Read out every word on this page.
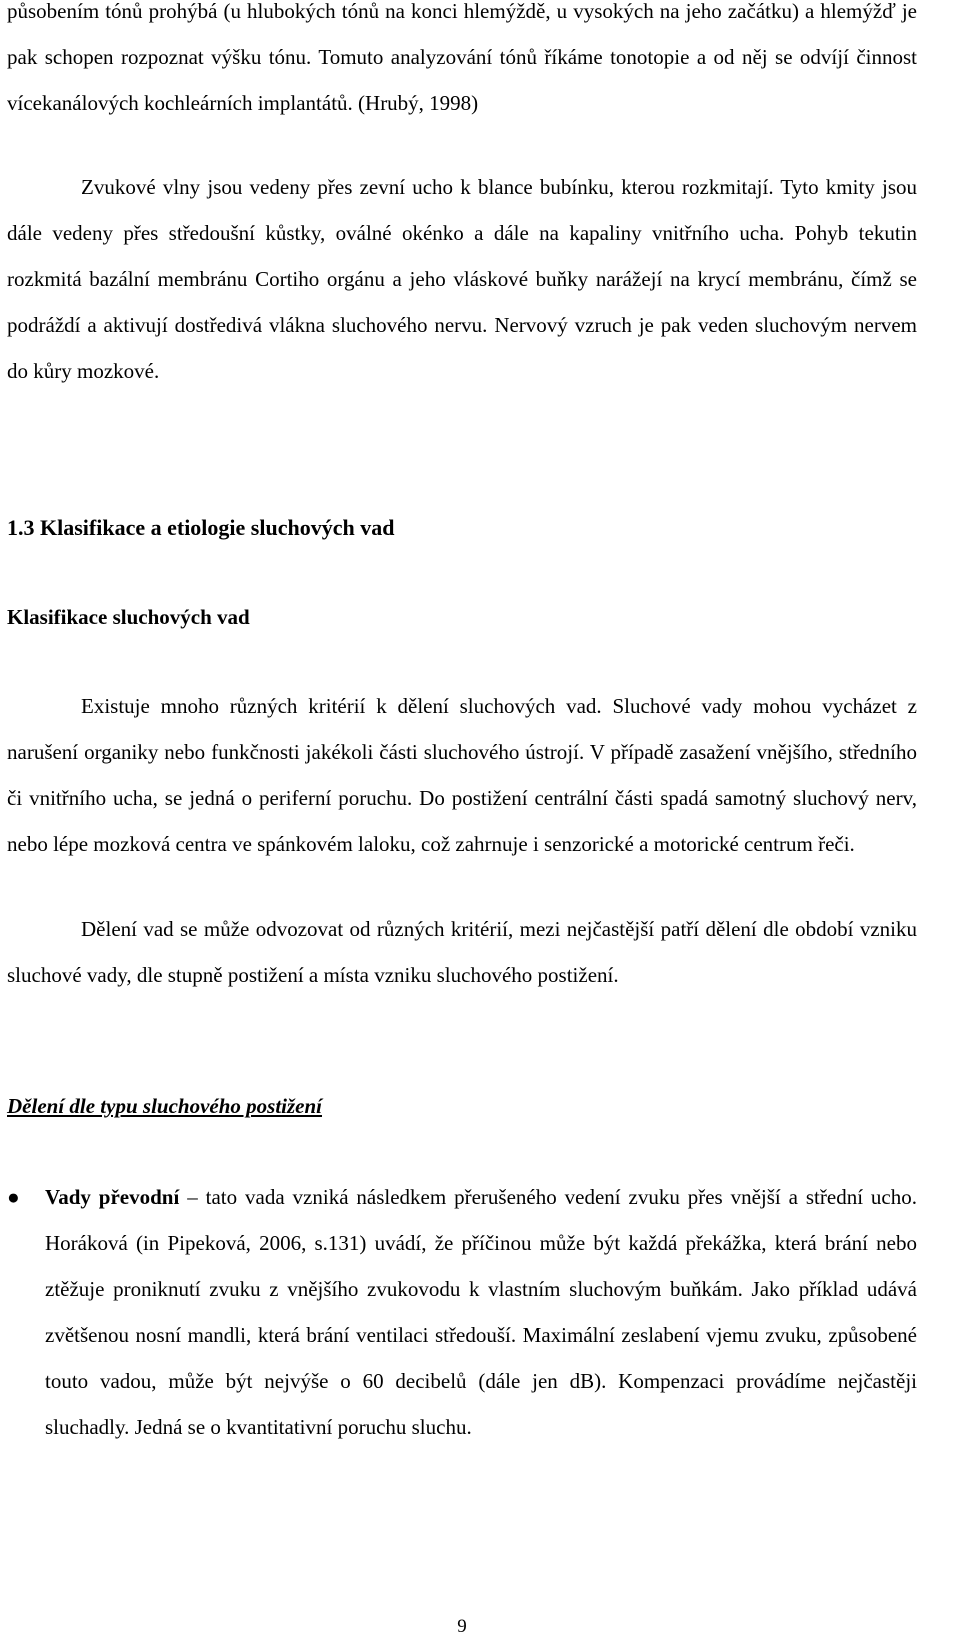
působením tónů prohýbá (u hlubokých tónů na konci hlemýždě, u vysokých na jeho začátku) a hlemýžď je pak schopen rozpoznat výšku tónu. Tomuto analyzování tónů říkáme tonotopie a od něj se odvíjí činnost vícekanálových kochleárních implantátů. (Hrubý, 1998)

Zvukové vlny jsou vedeny přes zevní ucho k blance bubínku, kterou rozkmitají. Tyto kmity jsou dále vedeny přes středoušní kůstky, oválné okénko a dále na kapaliny vnitřního ucha. Pohyb tekutin rozkmitá bazální membránu Cortiho orgánu a jeho vláskové buňky narážejí na krycí membránu, čímž se podráždí a aktivují dostředivá vlákna sluchového nervu. Nervový vzruch je pak veden sluchovým nervem do kůry mozkové.

1.3 Klasifikace a etiologie sluchových vad
Klasifikace sluchových vad

Existuje mnoho různých kritérií k dělení sluchových vad. Sluchové vady mohou vycházet z narušení organiky nebo funkčnosti jakékoli části sluchového ústrojí. V případě zasažení vnějšího, středního či vnitřního ucha, se jedná o periferní poruchu. Do postižení centrální části spadá samotný sluchový nerv, nebo lépe mozková centra ve spánkovém laloku, což zahrnuje i senzorické a motorické centrum řeči.

Dělení vad se může odvozovat od různých kritérií, mezi nejčastější patří dělení dle období vzniku sluchové vady, dle stupně postižení a místa vzniku sluchového postižení.

Dělení dle typu sluchového postižení
● Vady převodní – tato vada vzniká následkem přerušeného vedení zvuku přes vnější a střední ucho. Horáková (in Pipeková, 2006, s.131) uvádí, že příčinou může být každá překážka, která brání nebo ztěžuje proniknutí zvuku z vnějšího zvukovodu k vlastním sluchovým buňkám. Jako příklad udává zvětšenou nosní mandli, která brání ventilaci středouší. Maximální zeslabení vjemu zvuku, způsobené touto vadou, může být nejvýše o 60 decibelů (dále jen dB). Kompenzaci provádíme nejčastěji sluchadly. Jedná se o kvantitativní poruchu sluchu.

9
